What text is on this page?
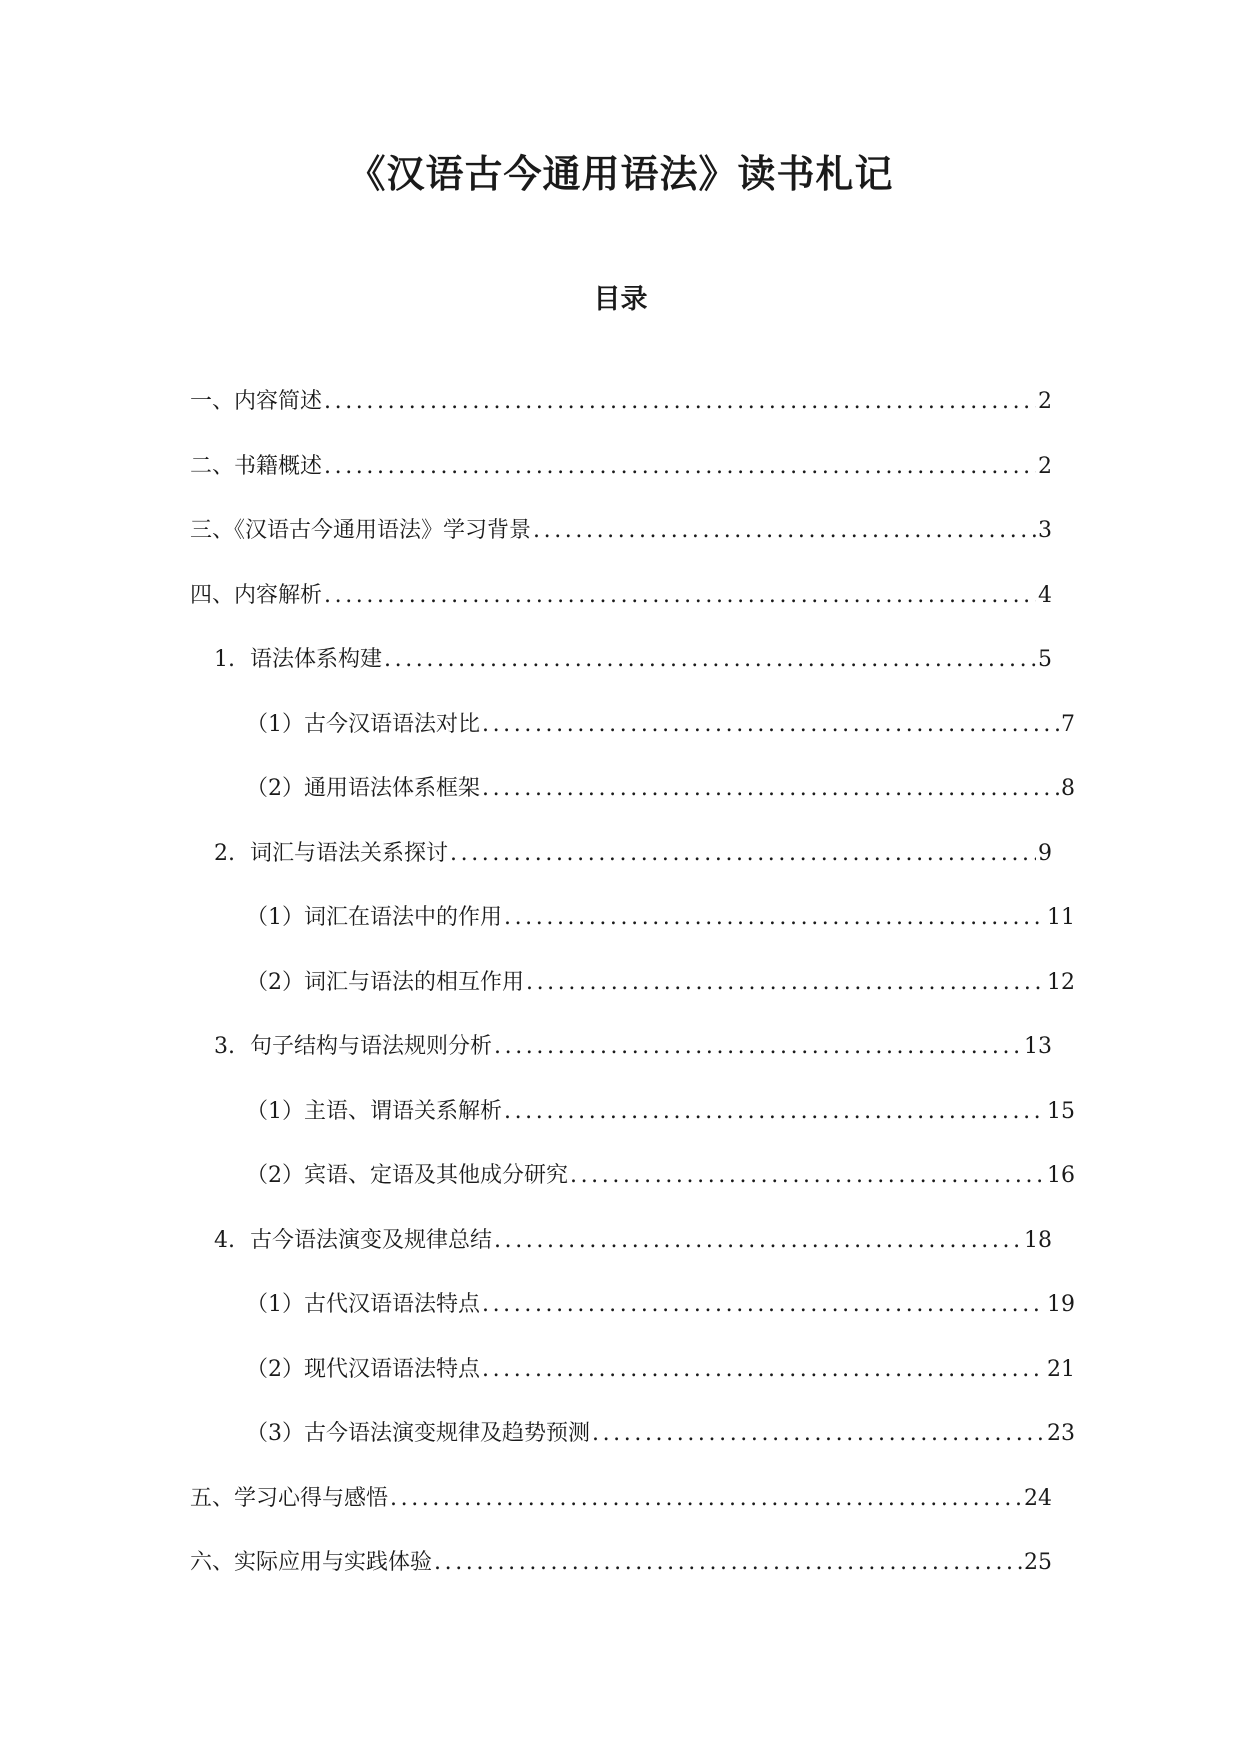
《汉语古今通用语法》读书札记
目录
一、内容简述 .....	2
二、书籍概述 .....	2
三、《汉语古今通用语法》学习背景 .....	3
四、内容解析 .....	4
1. 语法体系构建 .....	5
（1）古今汉语语法对比 .....	7
（2）通用语法体系框架 .....	8
2. 词汇与语法关系探讨 .....	9
（1）词汇在语法中的作用 .....	11
（2）词汇与语法的相互作用 .....	12
3. 句子结构与语法规则分析 .....	13
（1）主语、谓语关系解析 .....	15
（2）宾语、定语及其他成分研究 .....	16
4. 古今语法演变及规律总结 .....	18
（1）古代汉语语法特点 .....	19
（2）现代汉语语法特点 .....	21
（3）古今语法演变规律及趋势预测 .....	23
五、学习心得与感悟 .....	24
六、实际应用与实践体验 .....	25
